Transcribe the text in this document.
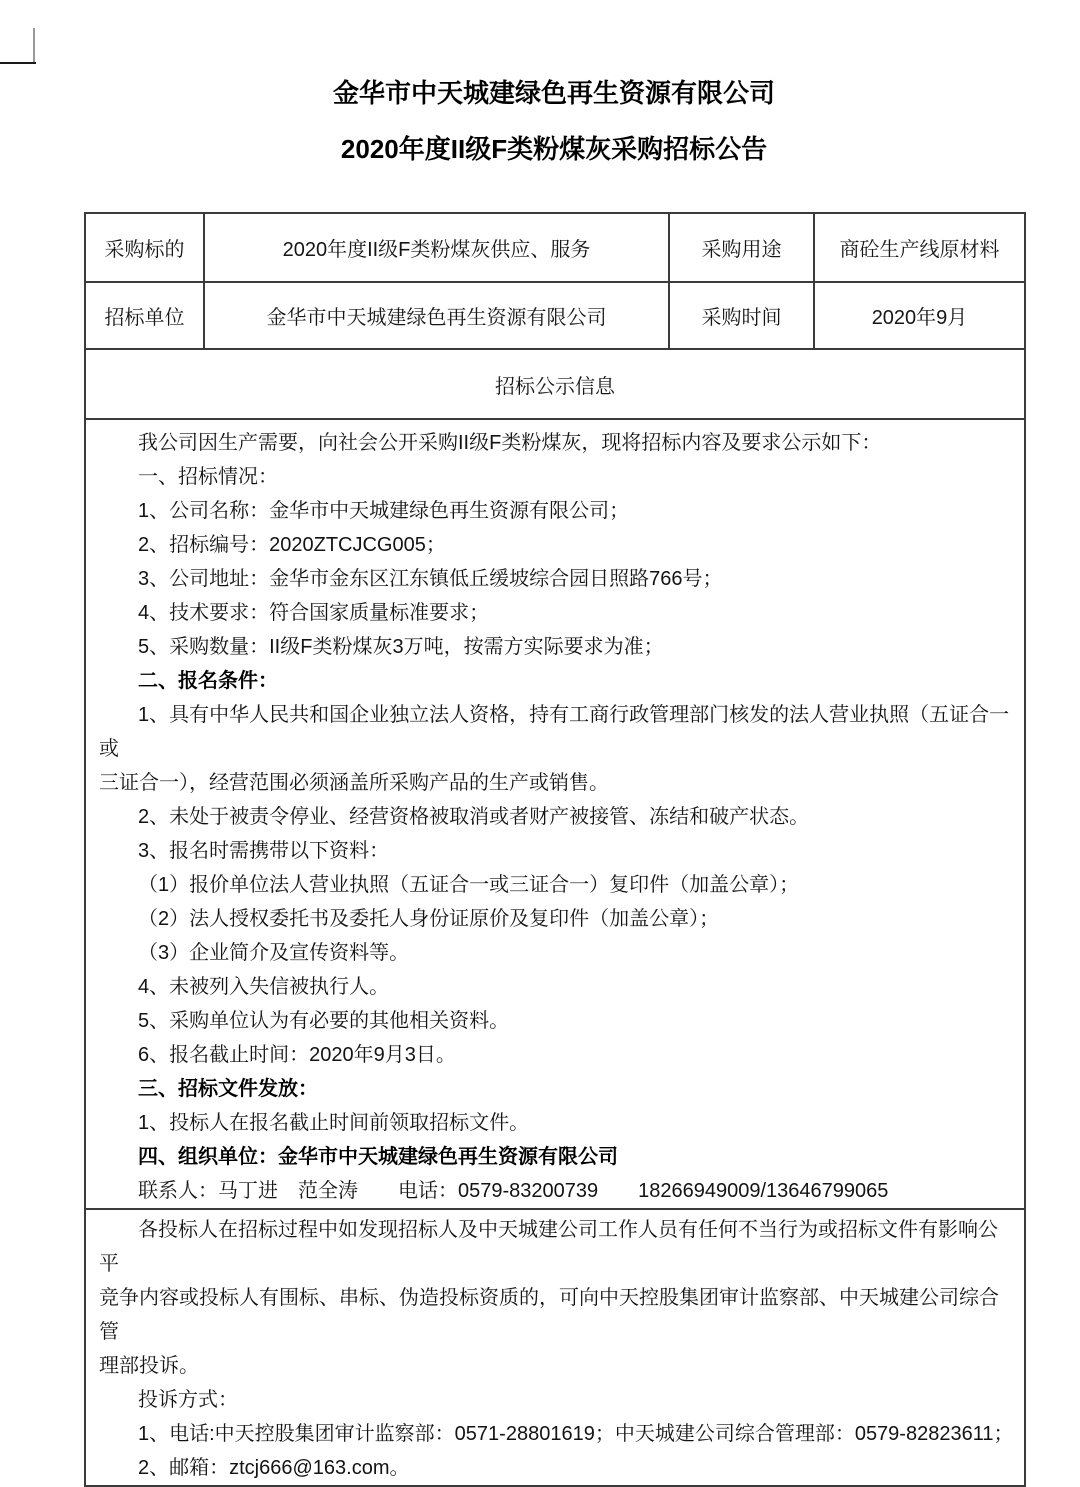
金华市中天城建绿色再生资源有限公司
2020年度II级F类粉煤灰采购招标公告
采购标的	2020年度II级F类粉煤灰供应、服务	采购用途	商砼生产线原材料
招标单位	金华市中天城建绿色再生资源有限公司	采购时间	2020年9月
招标公示信息			

我公司因生产需要，向社会公开采购II级F类粉煤灰，现将招标内容及要求公示如下：

一、招标情况：

1、公司名称：金华市中天城建绿色再生资源有限公司；

2、招标编号：2020ZTCJCG005；

3、公司地址：金华市金东区江东镇低丘缓坡综合园日照路766号；

4、技术要求：符合国家质量标准要求；

5、采购数量：II级F类粉煤灰3万吨，按需方实际要求为准；

二、报名条件：

1、具有中华人民共和国企业独立法人资格，持有工商行政管理部门核发的法人营业执照（五证合一或

三证合一），经营范围必须涵盖所采购产品的生产或销售。

2、未处于被责令停业、经营资格被取消或者财产被接管、冻结和破产状态。

3、报名时需携带以下资料：

（1）报价单位法人营业执照（五证合一或三证合一）复印件（加盖公章）；

（2）法人授权委托书及委托人身份证原价及复印件（加盖公章）；

（3）企业简介及宣传资料等。

4、未被列入失信被执行人。

5、采购单位认为有必要的其他相关资料。

6、报名截止时间：2020年9月3日。

三、招标文件发放：

1、投标人在报名截止时间前领取招标文件。

四、组织单位：金华市中天城建绿色再生资源有限公司

联系人：马丁进　范全涛　　电话：0579-83200739　　18266949009/13646799065

各投标人在招标过程中如发现招标人及中天城建公司工作人员有任何不当行为或招标文件有影响公平

竞争内容或投标人有围标、串标、伪造投标资质的，可向中天控股集团审计监察部、中天城建公司综合管

理部投诉。

投诉方式：

1、电话:中天控股集团审计监察部：0571-28801619；中天城建公司综合管理部：0579-82823611；

2、邮箱：ztcj666@163.com。
